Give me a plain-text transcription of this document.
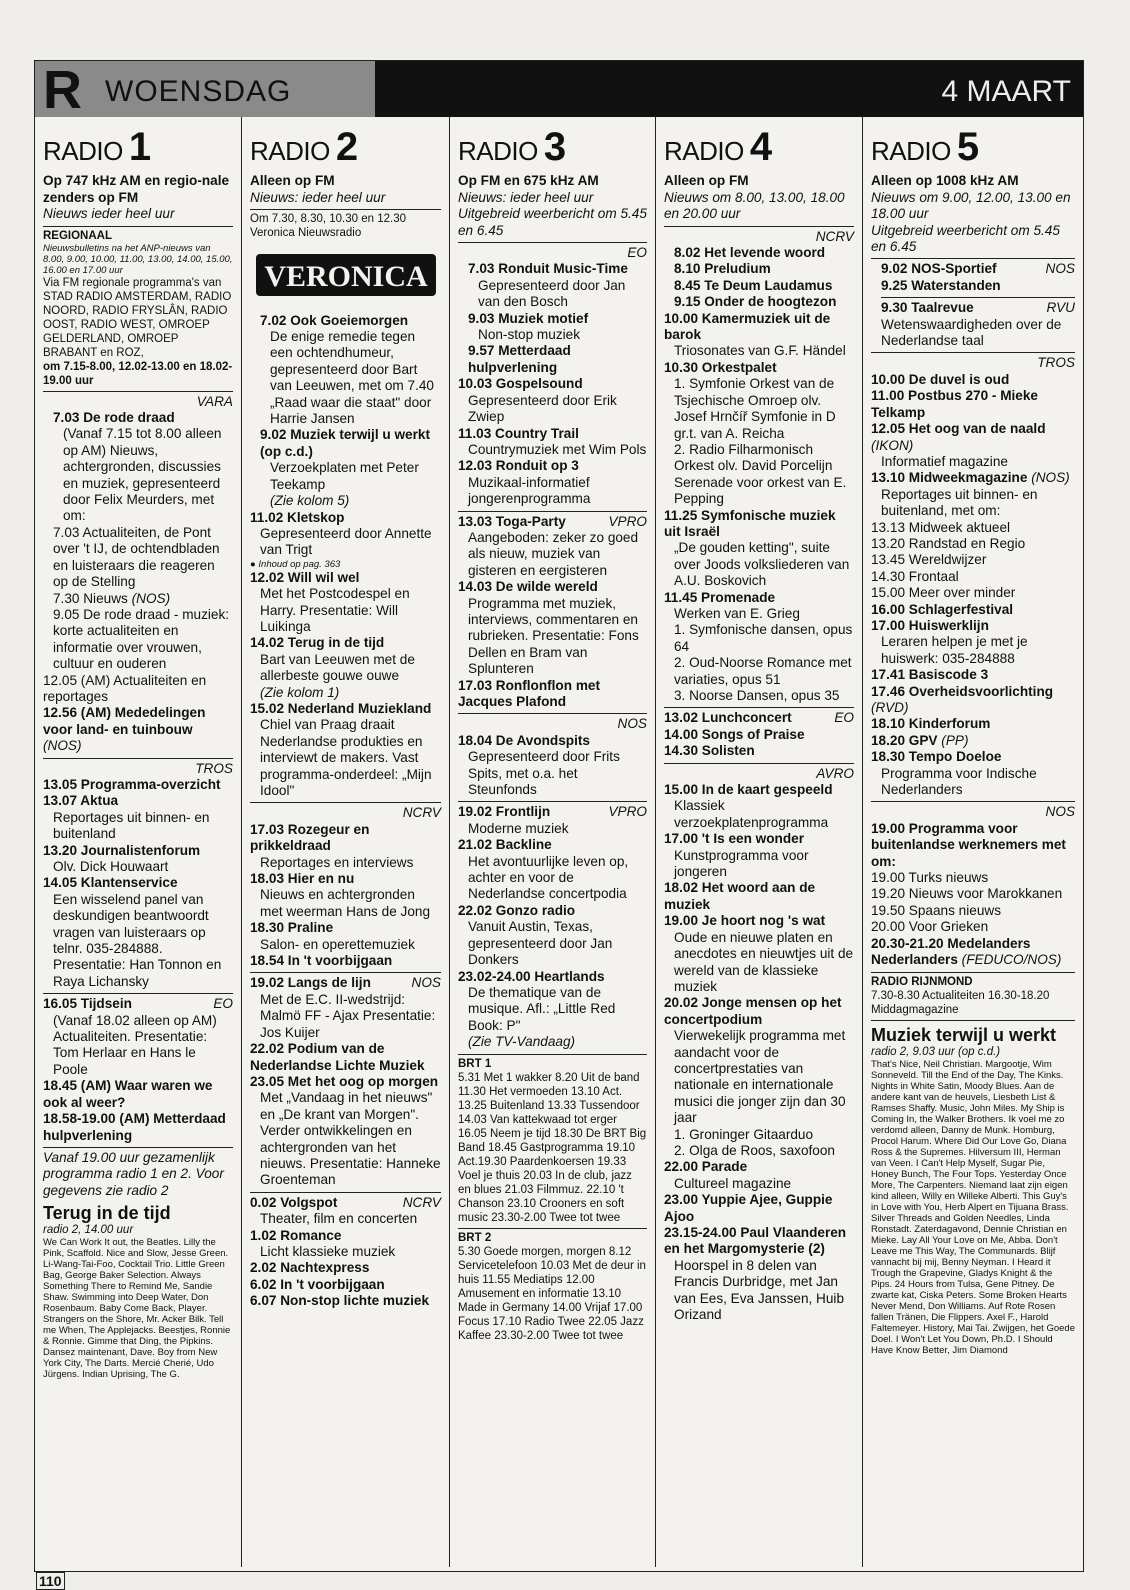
R WOENSDAG	4 MAART
RADIO 1
Op 747 kHz AM en regio-nale zenders op FM
Nieuws ieder heel uur
REGIONAAL
Nieuwsbulletins na het ANP-nieuws van 8.00, 9.00, 10.00, 11.00, 13.00, 14.00, 15.00, 16.00 en 17.00 uur
Via FM regionale programma's van STAD RADIO AMSTERDAM, RADIO NOORD, RADIO FRYSLÂN, RADIO OOST, RADIO WEST, OMROEP GELDERLAND, OMROEP BRABANT en ROZ,
om 7.15-8.00, 12.02-13.00 en 18.02-19.00 uur
VARA
7.03 De rode draad
(Vanaf 7.15 tot 8.00 alleen op AM) Nieuws, achtergronden, discussies en muziek, gepresenteerd door Felix Meurders, met om:
7.03 Actualiteiten, de Pont over 't IJ, de ochtendbladen en luisteraars die reageren op de Stelling
7.30 Nieuws (NOS)
9.05 De rode draad - muziek: korte actualiteiten en informatie over vrouwen, cultuur en ouderen
12.05 (AM) Actualiteiten en reportages
12.56 (AM) Mededelingen voor land- en tuinbouw (NOS)
TROS
13.05 Programma-overzicht
13.07 Aktua
Reportages uit binnen- en buitenland
13.20 Journalistenforum
Olv. Dick Houwaart
14.05 Klantenservice
Een wisselend panel van deskundigen beantwoordt vragen van luisteraars op telnr. 035-284888. Presentatie: Han Tonnon en Raya Lichansky
16.05 Tijdsein	EO
(Vanaf 18.02 alleen op AM) Actualiteiten. Presentatie: Tom Herlaar en Hans le Poole
18.45 (AM) Waar waren we ook al weer?
18.58-19.00 (AM) Metterdaad hulpverlening
Vanaf 19.00 uur gezamenlijk programma radio 1 en 2. Voor gegevens zie radio 2
Terug in de tijd
radio 2, 14.00 uur
We Can Work It out, the Beatles. Lilly the Pink, Scaffold. Nice and Slow, Jesse Green. Li-Wang-Tai-Foo, Cocktail Trio. Little Green Bag, George Baker Selection. Always Something There to Remind Me, Sandie Shaw. Swimming into Deep Water, Don Rosenbaum. Baby Come Back, Player. Strangers on the Shore, Mr. Acker Bilk. Tell me When, The Applejacks. Beestjes, Ronnie & Ronnie. Gimme that Ding, the Pipkins. Dansez maintenant, Dave. Boy from New York City, The Darts. Mercié Cherié, Udo Jürgens. Indian Uprising, The G.
RADIO 2
Alleen op FM
Nieuws: ieder heel uur
Om 7.30, 8.30, 10.30 en 12.30 Veronica Nieuwsradio
VERONICA
7.02 Ook Goeiemorgen
De enige remedie tegen een ochtendhumeur, gepresenteerd door Bart van Leeuwen, met om 7.40 „Raad waar die staat" door Harrie Jansen
9.02 Muziek terwijl u werkt (op c.d.)
Verzoekplaten met Peter Teekamp
(Zie kolom 5)
11.02 Kletskop
Gepresenteerd door Annette van Trigt
● Inhoud op pag. 363
12.02 Will wil wel
Met het Postcodespel en Harry. Presentatie: Will Luikinga
14.02 Terug in de tijd
Bart van Leeuwen met de allerbeste gouwe ouwe
(Zie kolom 1)
15.02 Nederland Muziekland
Chiel van Praag draait Nederlandse produkties en interviewt de makers. Vast programma-onderdeel: „Mijn Idool"
NCRV
17.03 Rozegeur en prikkeldraad
Reportages en interviews
18.03 Hier en nu
Nieuws en achtergronden met weerman Hans de Jong
18.30 Praline
Salon- en operettemuziek
18.54 In 't voorbijgaan
19.02 Langs de lijn	NOS
Met de E.C. II-wedstrijd: Malmö FF - Ajax Presentatie: Jos Kuijer
22.02 Podium van de Nederlandse Lichte Muziek
23.05 Met het oog op morgen
Met „Vandaag in het nieuws" en „De krant van Morgen". Verder ontwikkelingen en achtergronden van het nieuws. Presentatie: Hanneke Groenteman
0.02 Volgspot	NCRV
Theater, film en concerten
1.02 Romance
Licht klassieke muziek
2.02 Nachtexpress
6.02 In 't voorbijgaan
6.07 Non-stop lichte muziek
RADIO 3
Op FM en 675 kHz AM
Nieuws: ieder heel uur
Uitgebreid weerbericht om 5.45 en 6.45
EO
7.03 Ronduit Music-Time
Gepresenteerd door Jan van den Bosch
9.03 Muziek motief
Non-stop muziek
9.57 Metterdaad hulpverlening
10.03 Gospelsound
Gepresenteerd door Erik Zwiep
11.03 Country Trail
Countrymuziek met Wim Pols
12.03 Ronduit op 3
Muzikaal-informatief jongerenprogramma
13.03 Toga-Party	VPRO
Aangeboden: zeker zo goed als nieuw, muziek van gisteren en eergisteren
14.03 De wilde wereld
Programma met muziek, interviews, commentaren en rubrieken. Presentatie: Fons Dellen en Bram van Splunteren
17.03 Ronflonflon met Jacques Plafond
NOS
18.04 De Avondspits
Gepresenteerd door Frits Spits, met o.a. het Steunfonds
19.02 Frontlijn	VPRO
Moderne muziek
21.02 Backline
Het avontuurlijke leven op, achter en voor de Nederlandse concertpodia
22.02 Gonzo radio
Vanuit Austin, Texas, gepresenteerd door Jan Donkers
23.02-24.00 Heartlands
De thematique van de musique. Afl.: „Little Red Book: P"
(Zie TV-Vandaag)
BRT 1
5.31 Met 1 wakker 8.20 Uit de band 11.30 Het vermoeden 13.10 Act. 13.25 Buitenland 13.33 Tussendoor 14.03 Van kattekwaad tot erger 16.05 Neem je tijd 18.30 De BRT Big Band 18.45 Gastprogramma 19.10 Act.19.30 Paardenkoersen 19.33 Voel je thuis 20.03 In de club, jazz en blues 21.03 Filmmuz. 22.10 't Chanson 23.10 Crooners en soft music 23.30-2.00 Twee tot twee
BRT 2
5.30 Goede morgen, morgen 8.12 Servicetelefoon 10.03 Met de deur in huis 11.55 Mediatips 12.00 Amusement en informatie 13.10 Made in Germany 14.00 Vrijaf 17.00 Focus 17.10 Radio Twee 22.05 Jazz Kaffee 23.30-2.00 Twee tot twee
RADIO 4
Alleen op FM
Nieuws om 8.00, 13.00, 18.00 en 20.00 uur
NCRV
8.02 Het levende woord
8.10 Preludium
8.45 Te Deum Laudamus
9.15 Onder de hoogtezon
10.00 Kamermuziek uit de barok
Triosonates van G.F. Händel
10.30 Orkestpalet
1. Symfonie Orkest van de Tsjechische Omroep olv. Josef Hrnčíř Symfonie in D gr.t. van A. Reicha
2. Radio Filharmonisch Orkest olv. David Porcelijn
Serenade voor orkest van E. Pepping
11.25 Symfonische muziek uit Israël
„De gouden ketting", suite over Joods volksliederen van A.U. Boskovich
11.45 Promenade
Werken van E. Grieg
1. Symfonische dansen, opus 64
2. Oud-Noorse Romance met variaties, opus 51
3. Noorse Dansen, opus 35
13.02 Lunchconcert	EO
14.00 Songs of Praise
14.30 Solisten
AVRO
15.00 In de kaart gespeeld
Klassiek verzoekplatenprogramma
17.00 't Is een wonder
Kunstprogramma voor jongeren
18.02 Het woord aan de muziek
19.00 Je hoort nog 's wat
Oude en nieuwe platen en anecdotes en nieuwtjes uit de wereld van de klassieke muziek
20.02 Jonge mensen op het concertpodium
Vierwekelijk programma met aandacht voor de concertprestaties van nationale en internationale musici die jonger zijn dan 30 jaar
1. Groninger Gitaarduo
2. Olga de Roos, saxofoon
22.00 Parade
Cultureel magazine
23.00 Yuppie Ajee, Guppie Ajoo
23.15-24.00 Paul Vlaanderen en het Margomysterie (2)
Hoorspel in 8 delen van Francis Durbridge, met Jan van Ees, Eva Janssen, Huib Orizand
RADIO 5
Alleen op 1008 kHz AM
Nieuws om 9.00, 12.00, 13.00 en 18.00 uur
Uitgebreid weerbericht om 5.45 en 6.45
9.02 NOS-Sportief	NOS
9.25 Waterstanden
9.30 Taalrevue	RVU
Wetenswaardigheden over de Nederlandse taal
TROS
10.00 De duvel is oud
11.00 Postbus 270 - Mieke Telkamp
12.05 Het oog van de naald (IKON)
Informatief magazine
13.10 Midweekmagazine (NOS)
Reportages uit binnen- en buitenland, met om:
13.13 Midweek aktueel
13.20 Randstad en Regio
13.45 Wereldwijzer
14.30 Frontaal
15.00 Meer over minder
16.00 Schlagerfestival
17.00 Huiswerklijn
Leraren helpen je met je huiswerk: 035-284888
17.41 Basiscode 3
17.46 Overheidsvoorlichting (RVD)
18.10 Kinderforum
18.20 GPV (PP)
18.30 Tempo Doeloe
Programma voor Indische Nederlanders
NOS
19.00 Programma voor buitenlandse werknemers met om:
19.00 Turks nieuws
19.20 Nieuws voor Marokkanen
19.50 Spaans nieuws
20.00 Voor Grieken
20.30-21.20 Medelanders Nederlanders (FEDUCO/NOS)
RADIO RIJNMOND
7.30-8.30 Actualiteiten 16.30-18.20 Middagmagazine
Muziek terwijl u werkt
radio 2, 9.03 uur (op c.d.)
That's Nice, Neil Christian. Margootje, Wim Sonneveld. Till the End of the Day, The Kinks. Nights in White Satin, Moody Blues. Aan de andere kant van de heuvels, Liesbeth List & Ramses Shaffy. Music, John Miles. My Ship is Coming In, the Walker Brothers. Ik voel me zo verdomd alleen, Danny de Munk. Homburg, Procol Harum. Where Did Our Love Go, Diana Ross & the Supremes. Hilversum III, Herman van Veen. I Can't Help Myself, Sugar Pie, Honey Bunch, The Four Tops. Yesterday Once More, The Carpenters. Niemand laat zijn eigen kind alleen, Willy en Willeke Alberti. This Guy's in Love with You, Herb Alpert en Tijuana Brass. Silver Threads and Golden Needles, Linda Ronstadt. Zaterdagavond, Dennie Christian en Mieke. Lay All Your Love on Me, Abba. Don't Leave me This Way, The Communards. Blijf vannacht bij mij, Benny Neyman. I Heard it Trough the Grapevine, Gladys Knight & the Pips. 24 Hours from Tulsa, Gene Pitney. De zwarte kat, Ciska Peters. Some Broken Hearts Never Mend, Don Williams. Auf Rote Rosen fallen Tränen, Die Flippers. Axel F., Harold Faltemeyer. History, Mai Tai. Zwijgen, het Goede Doel. I Won't Let You Down, Ph.D. I Should Have Know Better, Jim Diamond
110
